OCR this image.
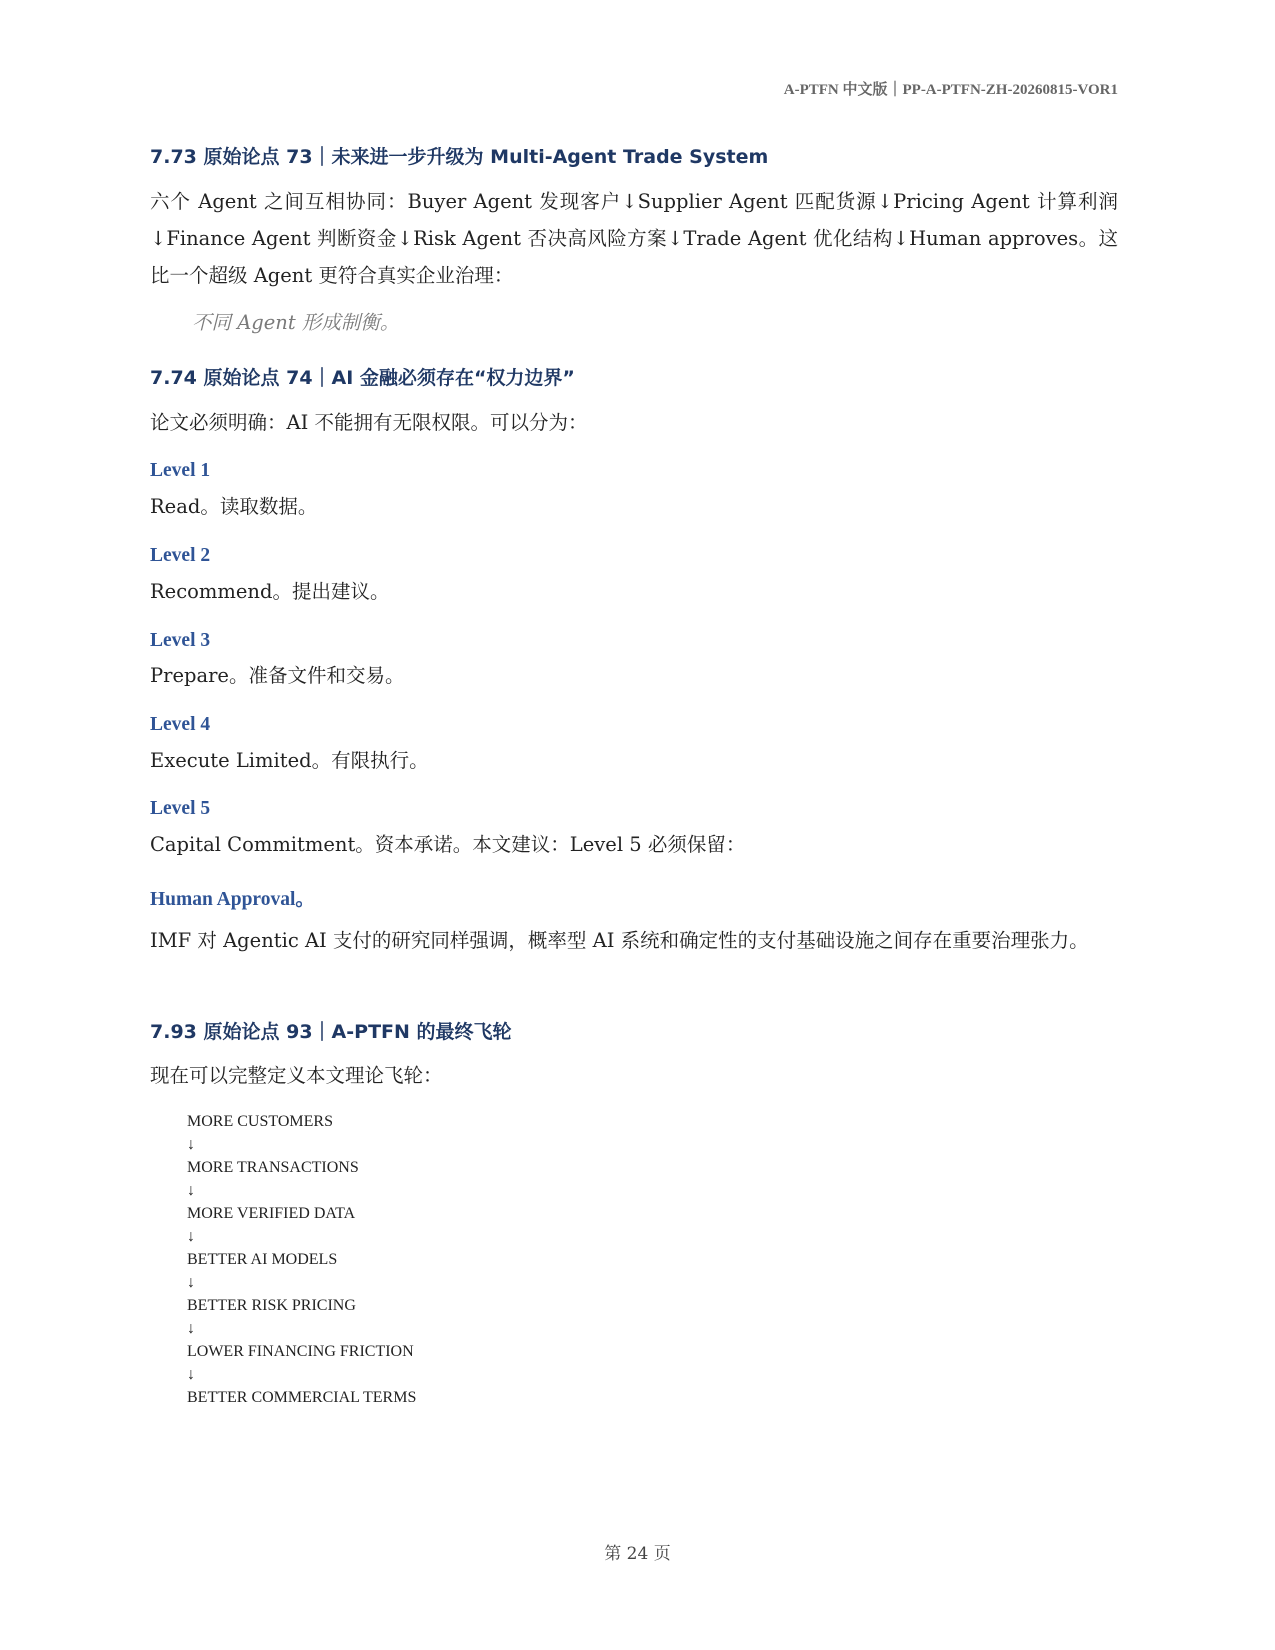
A-PTFN 中文版｜PP-A-PTFN-ZH-20260815-VOR1
7.73 原始论点 73｜未来进一步升级为 Multi-Agent Trade System
六个 Agent 之间互相协同：Buyer Agent 发现客户↓Supplier Agent 匹配货源↓Pricing Agent 计算利润↓Finance Agent 判断资金↓Risk Agent 否决高风险方案↓Trade Agent 优化结构↓Human approves。这比一个超级 Agent 更符合真实企业治理：
不同 Agent 形成制衡。
7.74 原始论点 74｜AI 金融必须存在“权力边界”
论文必须明确：AI 不能拥有无限权限。可以分为：
Level 1
Read。读取数据。
Level 2
Recommend。提出建议。
Level 3
Prepare。准备文件和交易。
Level 4
Execute Limited。有限执行。
Level 5
Capital Commitment。资本承诺。本文建议：Level 5 必须保留：
Human Approval。
IMF 对 Agentic AI 支付的研究同样强调，概率型 AI 系统和确定性的支付基础设施之间存在重要治理张力。
7.93 原始论点 93｜A-PTFN 的最终飞轮
现在可以完整定义本文理论飞轮：
MORE CUSTOMERS
↓
MORE TRANSACTIONS
↓
MORE VERIFIED DATA
↓
BETTER AI MODELS
↓
BETTER RISK PRICING
↓
LOWER FINANCING FRICTION
↓
BETTER COMMERCIAL TERMS
第 24 页
